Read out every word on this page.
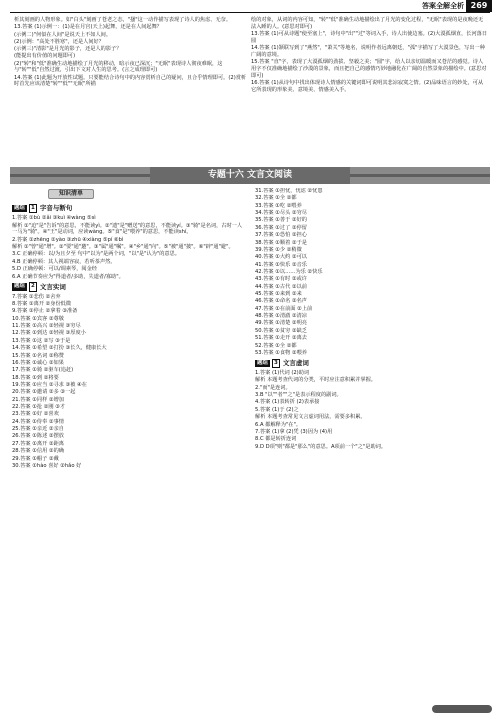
答案全解全析 269

析其刻画的人物形象。如"白头"刻画了苍老之态，"搔"这一动作描写表现了诗人的焦虑、无奈。

13.答案 (1)示例一：(1)是在月宫(天上)起舞，还是在人间起舞？

(示例二)"何似在人间"是说天上不如人间。

(2)示例："高处不胜寒"，还是人间好？

(示例三)"清影"是月光的影子，还是人的影子？

(能提出有价值的问题即可)

(2)"转"和"低"准确生动地描绘了月光的移动，暗示夜已深沉；"无眠"表现诗人彻夜难眠，这与"转""低"自然过渡，引出下文对人生的思考。(言之成理即可)

14.答案 (1)此题为开放性试题。只要能结合诗句中的内容赏析自己的疑问，且合乎情理即可。(2)赏析时首先应该清楚"转""低""无眠"所描

绘的对象，从词的内容可知，"转""低"准确生动地描绘出了月光的变化过程，"无眠"表现的是夜晚还无法入睡的人。(意思对即可)

13.答案 (1)可从诗题"使至塞上"，诗句中"出""过"等词入手，诗人出使边塞。(2)大漠孤烟直，长河落日圆

14.答案 (1)颔联写到了"燕然"，"萧关"等地名，说明作者远离朝廷，"孤"字描写了大漠景色，写出一种广阔的意境。

15.答案 "直"字，表现了大漠孤烟的劲拔、坚毅之美；"圆"字，给人以亲切温暖而又苍茫的感觉。诗人用字不仅准确地描绘了沙漠的景象，而且把自己的感情巧妙地融化在广阔的自然景象的描绘中。(意思对即可)

16.答案 (1)从诗句中找出体现诗人情感的关键词即可说明其悲凉寂寞之情。(2)品味语言的妙处，可从它所表现的形象美、意境美、情感美入手。

专题十六 文言文阅读
知识清单
题组	1 字音与断句

1.答案 ①bù ②ǎi ③kuì ④wàng ⑤sì

解析 ①"迫"是"告诉"的意思，不能读yì。②"遗"是"赠送"的意思，不能读yí。③"骑"是名词，古时一人一马为"骑"。④"王"是动词，应读wàng。⑤"食"是"喂养"的意思，不能读shí。

2.答案 ①zhēng ②yào ③zhū ④xiàng ⑤pí ⑥bì

解析 ①"曾"通"增"。②"要"通"邀"。③"属"通"嘱"。④"乡"通"向"。⑤"被"通"披"。⑥"辟"通"避"。

3.C 正确停顿：以/为且夕至 句中"以为"是两个词，"以"是"认为"的意思。

4.B 正确停顿：其人视端容寂，若听茶声然。

5.D 正确停顿：可以/调素琴，阅金经

6.A 正确节奏应为"得道者/多助，失道者/寡助"。

题组	2 文言实词

7.答案 ①悲伤 ②舍弃

8.答案 ①离开 ②身份低微

9.答案 ①停止 ②拿着 ③准备

10.答案 ①宾客 ②尊敬

11.答案 ①高兴 ②轻视 ③穷尽

12.答案 ①到达 ②轻视 ③厚度小

13.答案 ①这 ②写 ③于是

14.答案 ①希望 ②打扮 ③长久，健康长大

15.答案 ①名词 ②称赞

16.答案 ①诚心 ②如果

17.答案 ①骑 ②驱车(追赶)

18.答案 ①到 ②将要

19.答案 ①应当 ②寻求 ③被 ④在

20.答案 ①邀请 ②多 ③一起

21.答案 ①同样 ②增加

22.答案 ①抢 ②刚 ③才

23.答案 ①好 ②喜欢

24.答案 ①侍奉 ②事情

25.答案 ①亲近 ②亲自

26.答案 ①陈述 ②摆放

27.答案 ①离开 ②距离

28.答案 ①信用 ②的确

29.答案 ①帽子 ②戴

30.答案 ①hào 喜好 ②hǎo 好

31.答案 ①担忧，忧虑 ②忧患

32.答案 ①全 ②都

33.答案 ①吃 ②喂养

34.答案 ①尽头 ②穷尽

35.答案 ①善于 ②好的

36.答案 ①过了 ②停留

37.答案 ①恐怕 ②担心

38.答案 ①顺着 ②于是

39.答案 ①少 ②稍微

40.答案 ①大约 ②可以

41.答案 ①快乐 ②音乐

42.答案 ①以……为乐 ②快乐

43.答案 ①有时 ②或许

44.答案 ①古代 ②以前

45.答案 ①来到 ②来

46.答案 ①命名 ②名声

47.答案 ①在前面 ②上前

48.答案 ①清澈 ②清凉

49.答案 ①清楚 ②明亮

50.答案 ①贫穷 ②缺乏

51.答案 ①走开 ②离去

52.答案 ①全 ②都

53.答案 ①食物 ②喂养

题组	3 文言虚词

1.答案 (1)代词 (2)助词

解析 本题考查代词的分类，平时应注意积累并掌握。

2."而"是连词。

3.B "以""者""之"是表示程度的副词。

4.答案 (1)表转折 (2)表承接

5.答案 (1)于 (2)之

解析 本题考查常见文言虚词用法，需要多积累。

6.A 都解释为"在"。

7.答案 (1)拿 (2)凭 (3)因为 (4)用

8.C 都是转折连词

9.D D项"则"都是"那么"的意思。A项前一个"之"是助词。
